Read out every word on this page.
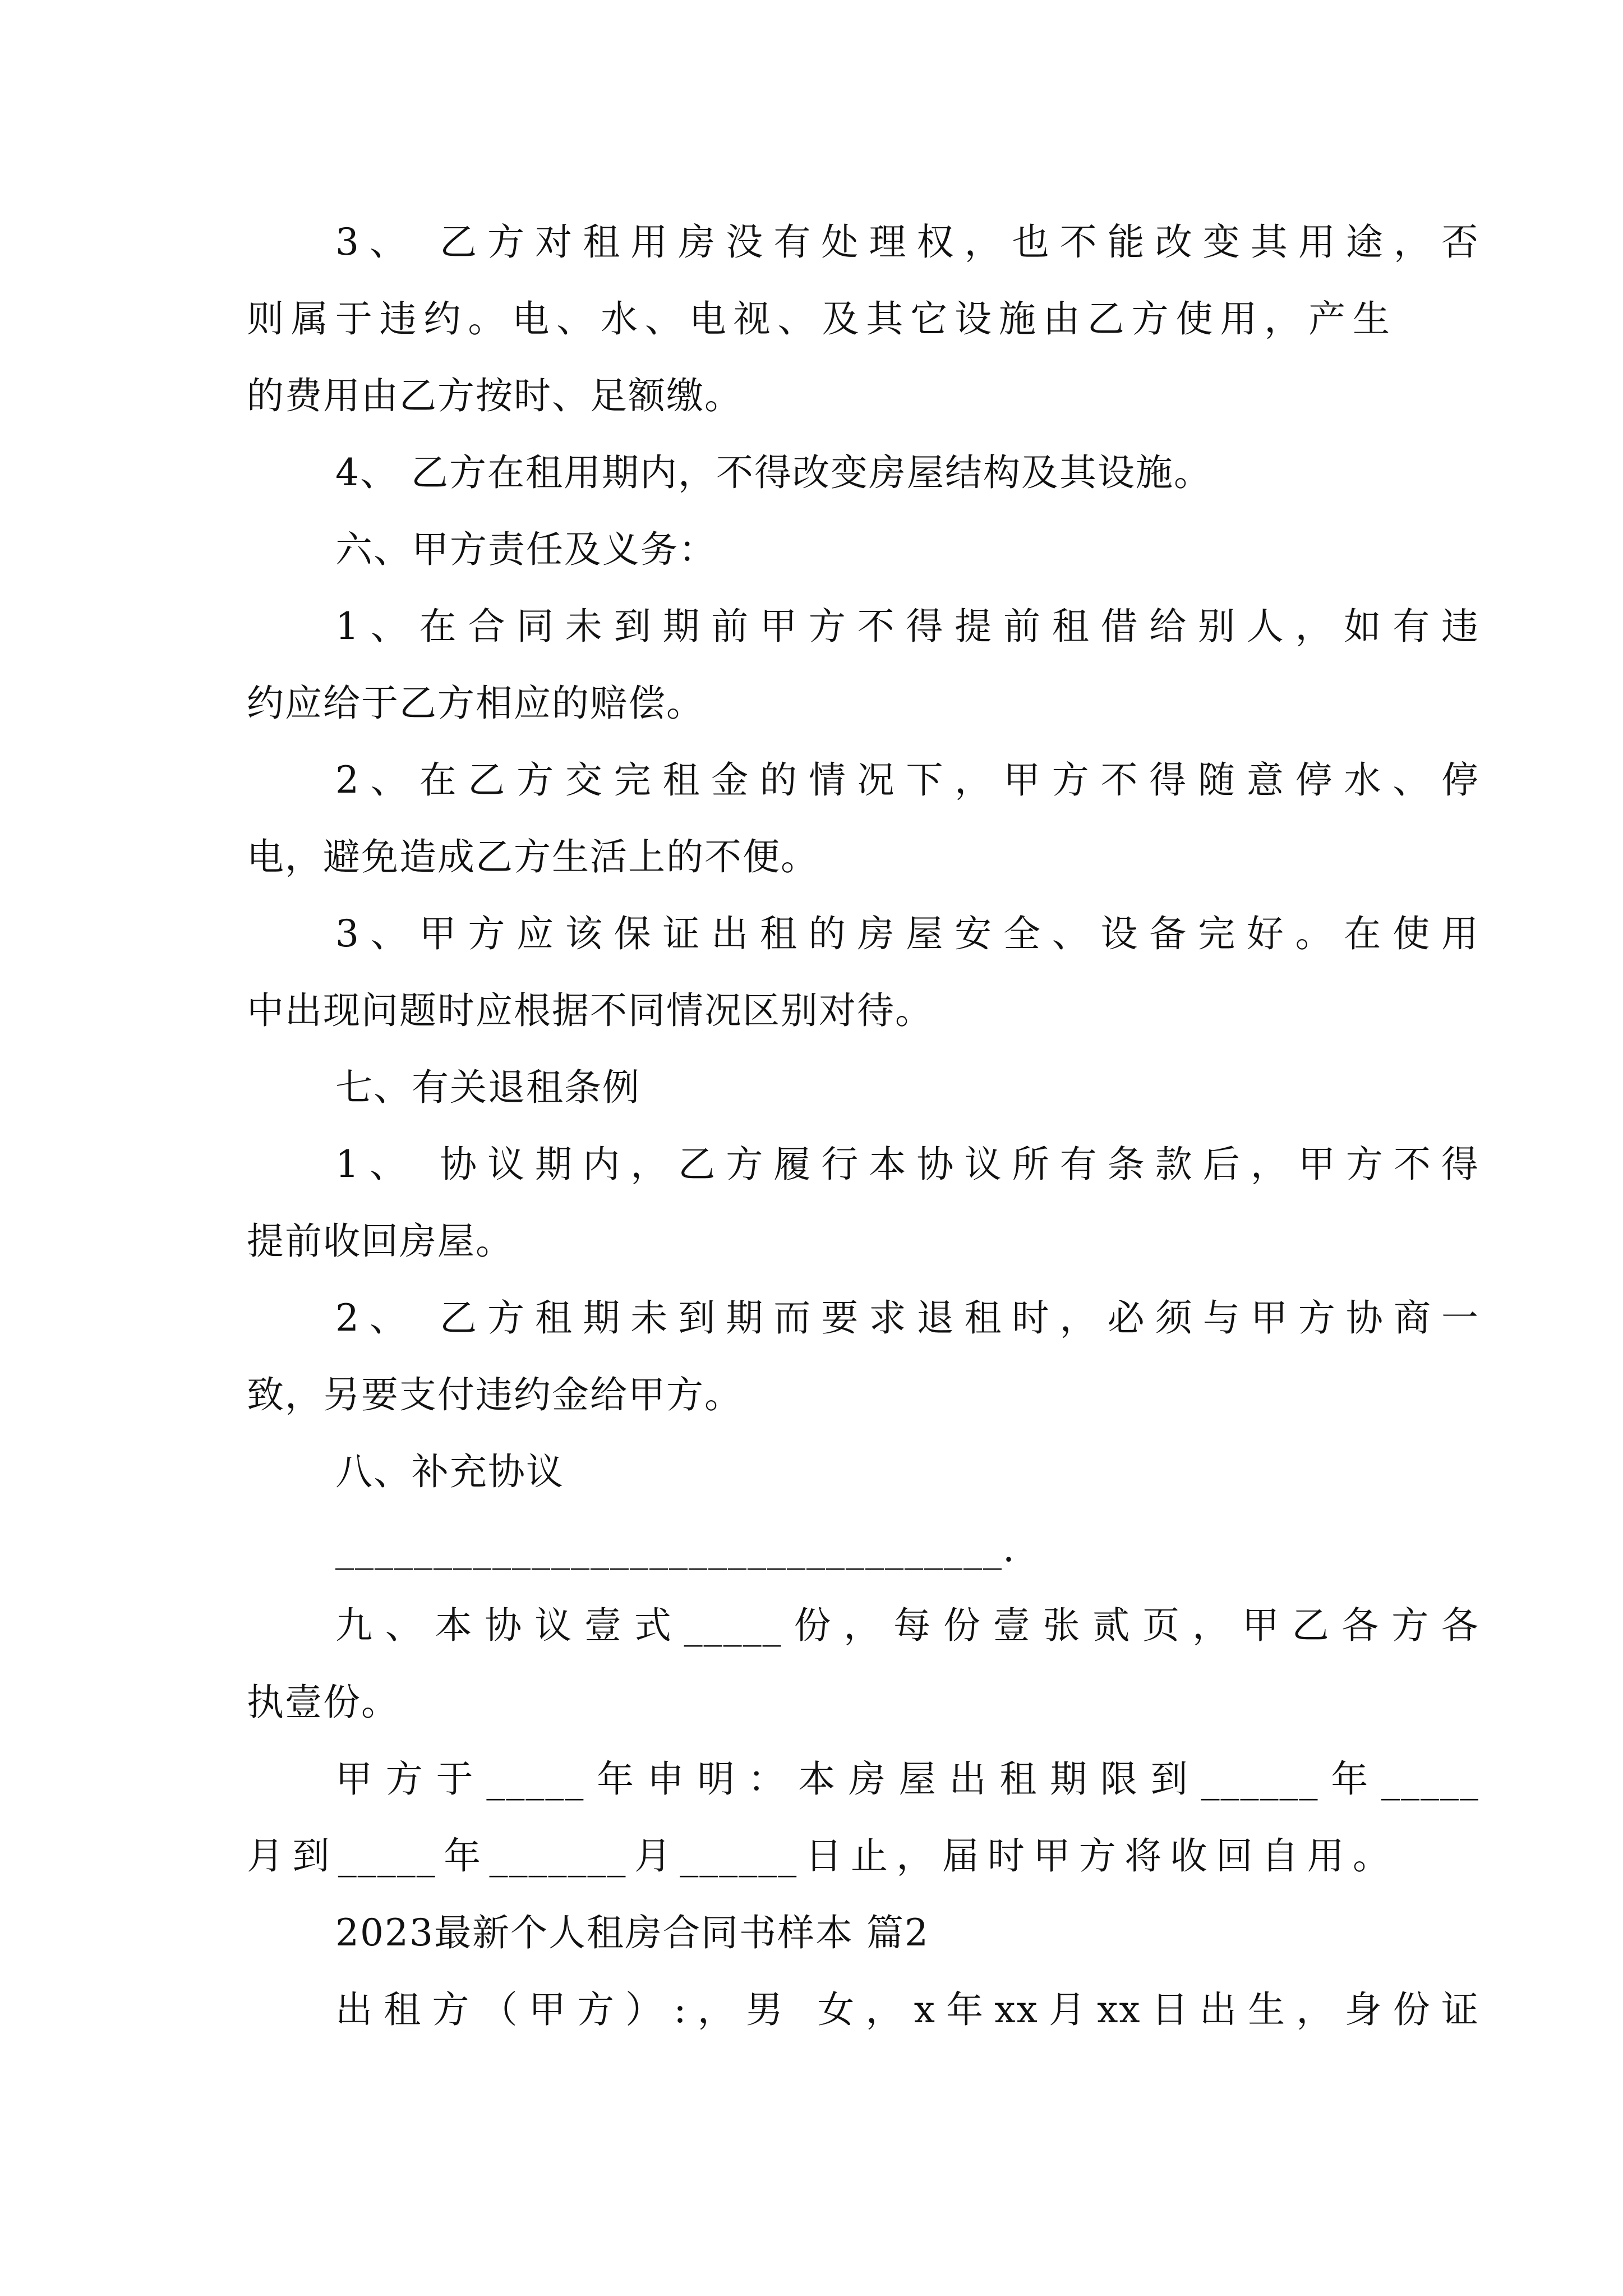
3、 乙方对租用房没有处理权，也不能改变其用途，否

则属于违约。电、水、电视、及其它设施由乙方使用，产生

的费用由乙方按时、足额缴。

4、 乙方在租用期内，不得改变房屋结构及其设施。

六、甲方责任及义务：

1、在合同未到期前甲方不得提前租借给别人，如有违

约应给于乙方相应的赔偿。

2、在乙方交完租金的情况下，甲方不得随意停水、停

电，避免造成乙方生活上的不便。

3、甲方应该保证出租的房屋安全、设备完好。在使用

中出现问题时应根据不同情况区别对待。

七、有关退租条例

1、 协议期内，乙方履行本协议所有条款后，甲方不得

提前收回房屋。

2、 乙方租期未到期而要求退租时，必须与甲方协商一

致，另要支付违约金给甲方。

八、补充协议

__________________________________.

九、本协议壹式_____份，每份壹张贰页，甲乙各方各

执壹份。

甲方于_____年申明：本房屋出租期限到______年_____

月到_____年_______月______日止，届时甲方将收回自用。

2023最新个人租房合同书样本 篇2

出租方（甲方）:，男 女，x年xx月xx日出生，身份证
